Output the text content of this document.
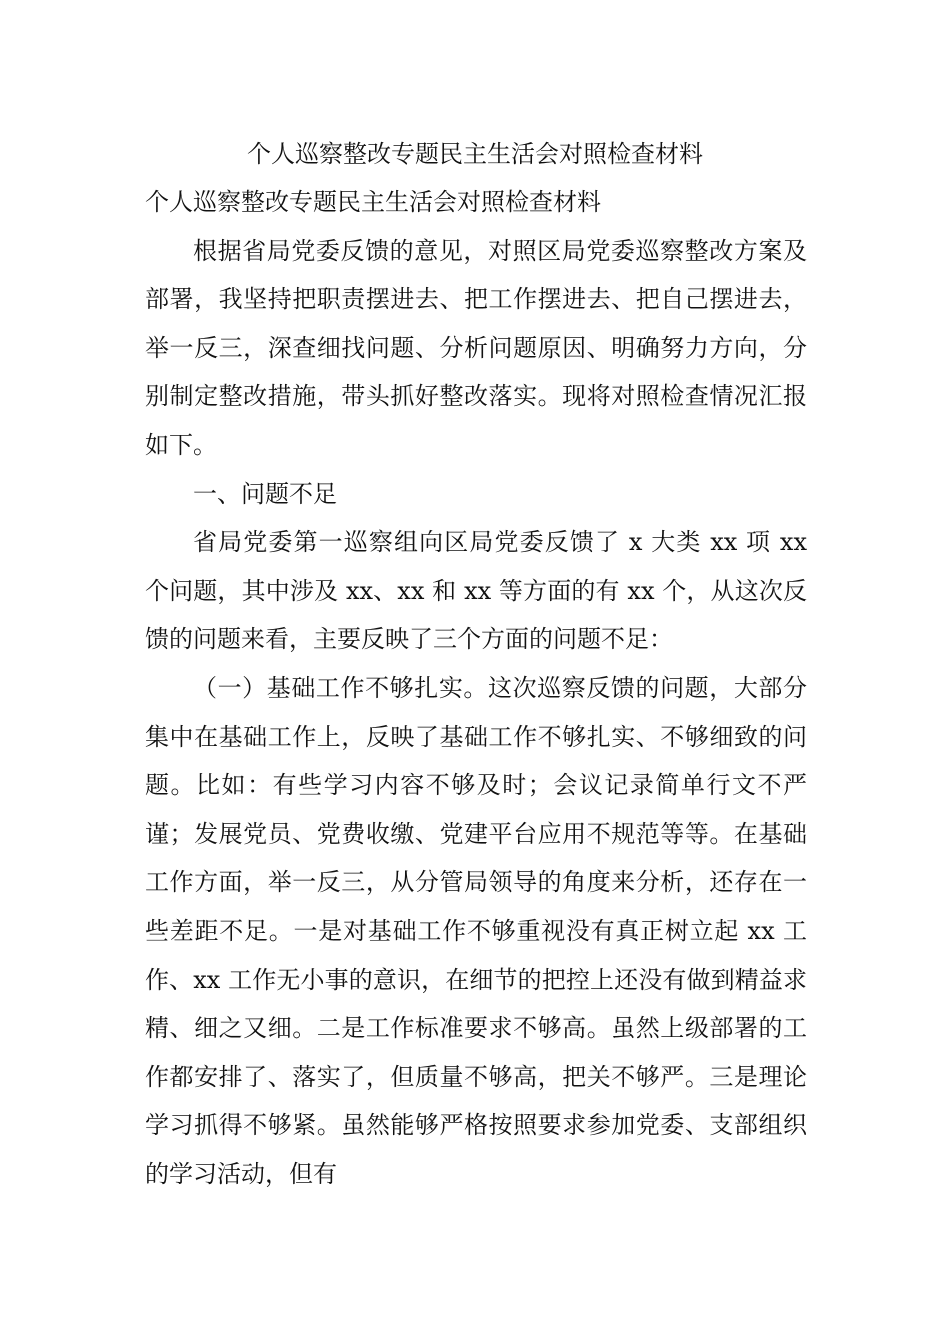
个人巡察整改专题民主生活会对照检查材料

个人巡察整改专题民主生活会对照检查材料

根据省局党委反馈的意见，对照区局党委巡察整改方案及部署，我坚持把职责摆进去、把工作摆进去、把自己摆进去，举一反三，深查细找问题、分析问题原因、明确努力方向，分别制定整改措施，带头抓好整改落实。现将对照检查情况汇报如下。

一、问题不足

省局党委第一巡察组向区局党委反馈了 x 大类 xx 项 xx 个问题，其中涉及 xx、xx 和 xx 等方面的有 xx 个，从这次反馈的问题来看，主要反映了三个方面的问题不足：

（一）基础工作不够扎实。这次巡察反馈的问题，大部分集中在基础工作上，反映了基础工作不够扎实、不够细致的问题。比如：有些学习内容不够及时；会议记录简单行文不严谨；发展党员、党费收缴、党建平台应用不规范等等。在基础工作方面，举一反三，从分管局领导的角度来分析，还存在一些差距不足。一是对基础工作不够重视没有真正树立起 xx 工作、xx 工作无小事的意识，在细节的把控上还没有做到精益求精、细之又细。二是工作标准要求不够高。虽然上级部署的工作都安排了、落实了，但质量不够高，把关不够严。三是理论学习抓得不够紧。虽然能够严格按照要求参加党委、支部组织的学习活动，但有
